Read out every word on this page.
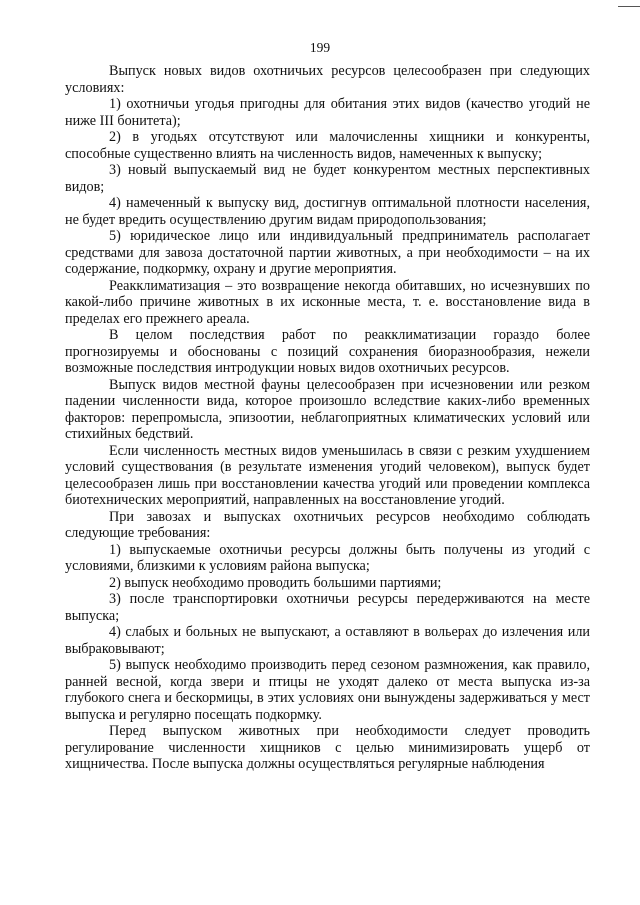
199

Выпуск новых видов охотничьих ресурсов целесообразен при следующих условиях:

1) охотничьи угодья пригодны для обитания этих видов (качество угодий не ниже III бонитета);

2) в угодьях отсутствуют или малочисленны хищники и конкуренты, способные существенно влиять на численность видов, намеченных к выпуску;

3) новый выпускаемый вид не будет конкурентом местных перспективных видов;

4) намеченный к выпуску вид, достигнув оптимальной плотности населения, не будет вредить осуществлению другим видам природопользования;

5) юридическое лицо или индивидуальный предприниматель располагает средствами для завоза достаточной партии животных, а при необходимости – на их содержание, подкормку, охрану и другие мероприятия.

Реакклиматизация – это возвращение некогда обитавших, но исчезнувших по какой-либо причине животных в их исконные места, т. е. восстановление вида в пределах его прежнего ареала.

В целом последствия работ по реакклиматизации гораздо более прогнозируемы и обоснованы с позиций сохранения биоразнообразия, нежели возможные последствия интродукции новых видов охотничьих ресурсов.

Выпуск видов местной фауны целесообразен при исчезновении или резком падении численности вида, которое произошло вследствие каких-либо временных факторов: перепромысла, эпизоотии, неблагоприятных климатических условий или стихийных бедствий.

Если численность местных видов уменьшилась в связи с резким ухудшением условий существования (в результате изменения угодий человеком), выпуск будет целесообразен лишь при восстановлении качества угодий или проведении комплекса биотехнических мероприятий, направленных на восстановление угодий.

При завозах и выпусках охотничьих ресурсов необходимо соблюдать следующие требования:

1) выпускаемые охотничьи ресурсы должны быть получены из угодий с условиями, близкими к условиям района выпуска;

2) выпуск необходимо проводить большими партиями;

3) после транспортировки охотничьи ресурсы передерживаются на месте выпуска;

4) слабых и больных не выпускают, а оставляют в вольерах до излечения или выбраковывают;

5) выпуск необходимо производить перед сезоном размножения, как правило, ранней весной, когда звери и птицы не уходят далеко от места выпуска из-за глубокого снега и бескормицы, в этих условиях они вынуждены задерживаться у мест выпуска и регулярно посещать подкормку.

Перед выпуском животных при необходимости следует проводить регулирование численности хищников с целью минимизировать ущерб от хищничества. После выпуска должны осуществляться регулярные наблюдения
